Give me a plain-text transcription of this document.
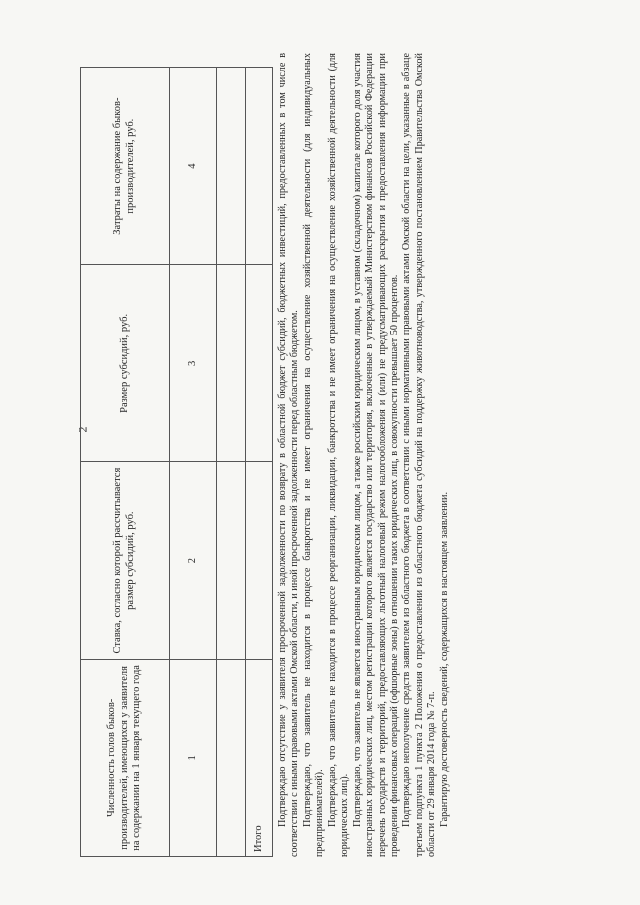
2
Численность голов быков-производителей, имеющихся у заявителя на содержании на 1 января текущего года	Ставка, согласно которой рассчитывается размер субсидий, руб.	Размер субсидий, руб.	Затраты на содержание быков-производителей, руб.
1	2	3	4

Итого			

Подтверждаю отсутствие у заявителя просроченной задолженности по возврату в областной бюджет субсидий, бюджетных инвестиций, предоставленных в том числе в соответствии с иными правовыми актами Омской области, и иной просроченной задолженности перед областным бюджетом. Подтверждаю, что заявитель не находится в процессе банкротства и не имеет ограничения на осуществление хозяйственной деятельности (для индивидуальных предпринимателей). Подтверждаю, что заявитель не находится в процессе реорганизации, ликвидации, банкротства и не имеет ограничения на осуществление хозяйственной деятельности (для юридических лиц). Подтверждаю, что заявитель не является иностранным юридическим лицом, а также российским юридическим лицом, в уставном (складочном) капитале которого доля участия иностранных юридических лиц, местом регистрации которого является государство или территория, включенные в утверждаемый Министерством финансов Российской Федерации перечень государств и территорий, предоставляющих льготный налоговый режим налогообложения и (или) не предусматривающих раскрытия и предоставления информации при проведении финансовых операций (офшорные зоны) в отношении таких юридических лиц, в совокупности превышает 50 процентов. Подтверждаю неполучение средств заявителем из областного бюджета в соответствии с иными нормативными правовыми актами Омской области на цели, указанные в абзаце третьем подпункта 1 пункта 2 Положения о предоставлении из областного бюджета субсидий на поддержку животноводства, утвержденного постановлением Правительства Омской области от 29 января 2014 года № 7-п. Гарантирую достоверность сведений, содержащихся в настоящем заявлении.
